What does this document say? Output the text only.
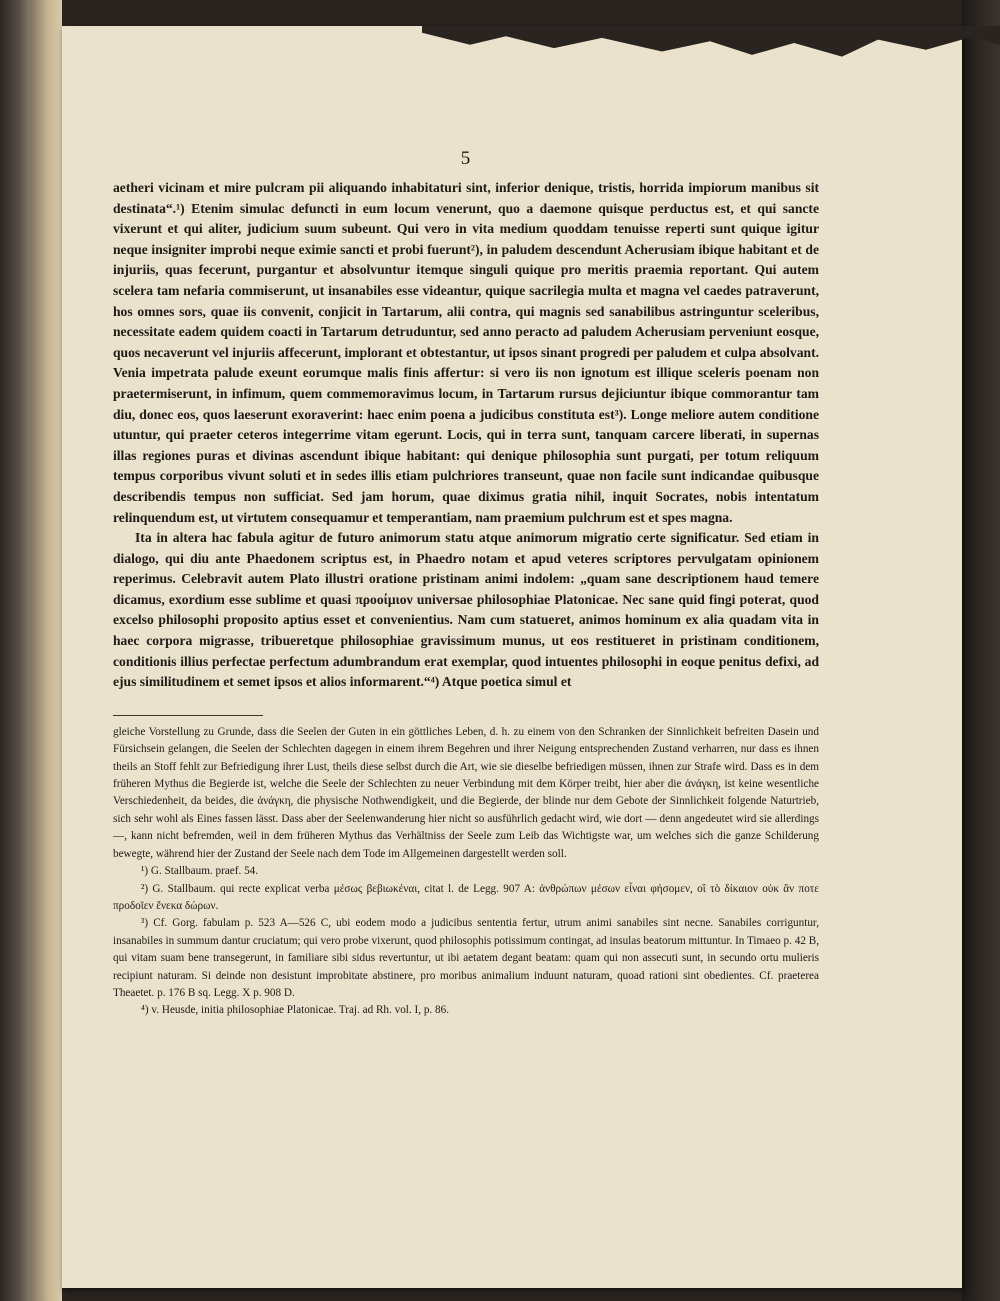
5

aetheri vicinam et mire pulcram pii aliquando inhabitaturi sint, inferior denique, tristis, horrida impiorum manibus sit destinata“.¹) Etenim simulac defuncti in eum locum venerunt, quo a daemone quisque perductus est, et qui sancte vixerunt et qui aliter, judicium suum subeunt. Qui vero in vita medium quoddam tenuisse reperti sunt quique igitur neque insigniter improbi neque eximie sancti et probi fuerunt²), in paludem descendunt Acherusiam ibique habitant et de injuriis, quas fecerunt, purgantur et absolvuntur itemque singuli quique pro meritis praemia reportant. Qui autem scelera tam nefaria commiserunt, ut insanabiles esse videantur, quique sacrilegia multa et magna vel caedes patraverunt, hos omnes sors, quae iis convenit, conjicit in Tartarum, alii contra, qui magnis sed sanabilibus astringuntur sceleribus, necessitate eadem quidem coacti in Tartarum detruduntur, sed anno peracto ad paludem Acherusiam perveniunt eosque, quos necaverunt vel injuriis affecerunt, implorant et obtestantur, ut ipsos sinant progredi per paludem et culpa absolvant. Venia impetrata palude exeunt eorumque malis finis affertur: si vero iis non ignotum est illique sceleris poenam non praetermiserunt, in infimum, quem commemoravimus locum, in Tartarum rursus dejiciuntur ibique commorantur tam diu, donec eos, quos laeserunt exoraverint: haec enim poena a judicibus constituta est³). Longe meliore autem conditione utuntur, qui praeter ceteros integerrime vitam egerunt. Locis, qui in terra sunt, tanquam carcere liberati, in supernas illas regiones puras et divinas ascendunt ibique habitant: qui denique philosophia sunt purgati, per totum reliquum tempus corporibus vivunt soluti et in sedes illis etiam pulchriores transeunt, quae non facile sunt indicandae quibusque describendis tempus non sufficiat. Sed jam horum, quae diximus gratia nihil, inquit Socrates, nobis intentatum relinquendum est, ut virtutem consequamur et temperantiam, nam praemium pulchrum est et spes magna.

Ita in altera hac fabula agitur de futuro animorum statu atque animorum migratio certe significatur. Sed etiam in dialogo, qui diu ante Phaedonem scriptus est, in Phaedro notam et apud veteres scriptores pervulgatam opinionem reperimus. Celebravit autem Plato illustri oratione pristinam animi indolem: „quam sane descriptionem haud temere dicamus, exordium esse sublime et quasi προοίμιον universae philosophiae Platonicae. Nec sane quid fingi poterat, quod excelso philosophi proposito aptius esset et convenientius. Nam cum statueret, animos hominum ex alia quadam vita in haec corpora migrasse, tribueretque philosophiae gravissimum munus, ut eos restitueret in pristinam conditionem, conditionis illius perfectae perfectum adumbrandum erat exemplar, quod intuentes philosophi in eoque penitus defixi, ad ejus similitudinem et semet ipsos et alios informarent.“⁴) Atque poetica simul et

gleiche Vorstellung zu Grunde, dass die Seelen der Guten in ein göttliches Leben, d. h. zu einem von den Schranken der Sinnlichkeit befreiten Dasein und Fürsichsein gelangen, die Seelen der Schlechten dagegen in einem ihrem Begehren und ihrer Neigung entsprechenden Zustand verharren, nur dass es ihnen theils an Stoff fehlt zur Befriedigung ihrer Lust, theils diese selbst durch die Art, wie sie dieselbe befriedigen müssen, ihnen zur Strafe wird. Dass es in dem früheren Mythus die Begierde ist, welche die Seele der Schlechten zu neuer Verbindung mit dem Körper treibt, hier aber die ἀνάγκη, ist keine wesentliche Verschiedenheit, da beides, die ἀνάγκη, die physische Nothwendigkeit, und die Begierde, der blinde nur dem Gebote der Sinnlichkeit folgende Naturtrieb, sich sehr wohl als Eines fassen lässt. Dass aber der Seelenwanderung hier nicht so ausführlich gedacht wird, wie dort — denn angedeutet wird sie allerdings —, kann nicht befremden, weil in dem früheren Mythus das Verhältniss der Seele zum Leib das Wichtigste war, um welches sich die ganze Schilderung bewegte, während hier der Zustand der Seele nach dem Tode im Allgemeinen dargestellt werden soll.

¹) G. Stallbaum. praef. 54.

²) G. Stallbaum. qui recte explicat verba μέσως βεβιωκέναι, citat l. de Legg. 907 A: ἀνθρώπων μέσων εἶναι φήσομεν, οἳ τὸ δίκαιον οὐκ ἂν ποτε προδοῖεν ἕνεκα δώρων.

³) Cf. Gorg. fabulam p. 523 A—526 C, ubi eodem modo a judicibus sententia fertur, utrum animi sanabiles sint necne. Sanabiles corriguntur, insanabiles in summum dantur cruciatum; qui vero probe vixerunt, quod philosophis potissimum contingat, ad insulas beatorum mittuntur. In Timaeo p. 42 B, qui vitam suam bene transegerunt, in familiare sibi sidus revertuntur, ut ibi aetatem degant beatam: quam qui non assecuti sunt, in secundo ortu mulieris recipiunt naturam. Si deinde non desistunt improbitate abstinere, pro moribus animalium induunt naturam, quoad rationi sint obedientes. Cf. praeterea Theaetet. p. 176 B sq. Legg. X p. 908 D.

⁴) v. Heusde, initia philosophiae Platonicae. Traj. ad Rh. vol. I, p. 86.
